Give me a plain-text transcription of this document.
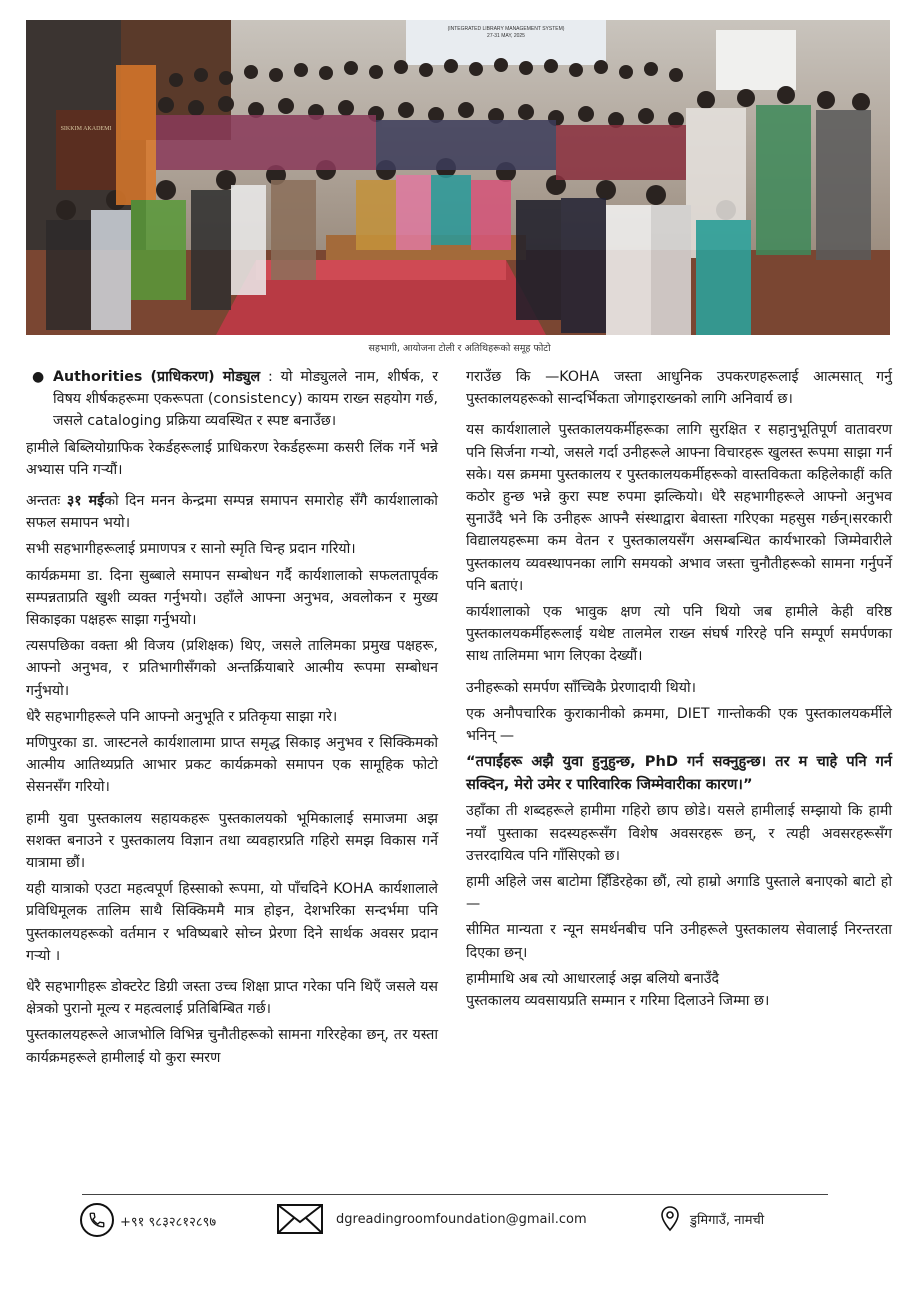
(INTEGRATED LIBRARY MANAGEMENT SYSTEM)
27-31 MAY, 2025
SIKKIM AKADEMI
सहभागी, आयोजना टोली र अतिथिहरूको समूह फोटो
● Authorities (प्राधिकरण) मोड्युल : यो मोड्युलले नाम, शीर्षक, र विषय शीर्षकहरूमा एकरूपता (consistency) कायम राख्न सहयोग गर्छ, जसले cataloging प्रक्रिया व्यवस्थित र स्पष्ट बनाउँछ।

हामीले बिब्लियोग्राफिक रेकर्डहरूलाई प्राधिकरण रेकर्डहरूमा कसरी लिंक गर्ने भन्ने अभ्यास पनि गर्‍यौं।

अन्ततः ३१ मईको दिन मनन केन्द्रमा सम्पन्न समापन समारोह सँगै कार्यशालाको सफल समापन भयो।

सभी सहभागीहरूलाई प्रमाणपत्र र सानो स्मृति चिन्ह प्रदान गरियो।

कार्यक्रममा डा. दिना सुब्बाले समापन सम्बोधन गर्दै कार्यशालाको सफलतापूर्वक सम्पन्नताप्रति खुशी व्यक्त गर्नुभयो। उहाँले आफ्ना अनुभव, अवलोकन र मुख्य सिकाइका पक्षहरू साझा गर्नुभयो।

त्यसपछिका वक्ता श्री विजय (प्रशिक्षक) थिए, जसले तालिमका प्रमुख पक्षहरू, आफ्नो अनुभव, र प्रतिभागीसँगको अन्तर्क्रियाबारे आत्मीय रूपमा सम्बोधन गर्नुभयो।

धेरै सहभागीहरूले पनि आफ्नो अनुभूति र प्रतिकृया साझा गरे।

मणिपुरका डा. जास्टनले कार्यशालामा प्राप्त समृद्ध सिकाइ अनुभव र सिक्किमको आत्मीय आतिथ्यप्रति आभार प्रकट कार्यक्रमको समापन एक सामूहिक फोटो सेसनसँग गरियो।

हामी युवा पुस्तकालय सहायकहरू पुस्तकालयको भूमिकालाई समाजमा अझ सशक्त बनाउने र पुस्तकालय विज्ञान तथा व्यवहारप्रति गहिरो समझ विकास गर्ने यात्रामा छौं।

यही यात्राको एउटा महत्वपूर्ण हिस्साको रूपमा, यो पाँचदिने KOHA कार्यशालाले प्रविधिमूलक तालिम साथै सिक्किममै मात्र होइन, देशभरिका सन्दर्भमा पनि पुस्तकालयहरूको वर्तमान र भविष्यबारे सोच्न प्रेरणा दिने सार्थक अवसर प्रदान गर्‍यो ।

धेरै सहभागीहरू डोक्टरेट डिग्री जस्ता उच्च शिक्षा प्राप्त गरेका पनि थिएँ जसले यस क्षेत्रको पुरानो मूल्य र महत्वलाई प्रतिबिम्बित गर्छ।

पुस्तकालयहरूले आजभोलि विभिन्न चुनौतीहरूको सामना गरिरहेका छन्, तर यस्ता कार्यक्रमहरूले हामीलाई यो कुरा स्मरण

गराउँछ कि —KOHA जस्ता आधुनिक उपकरणहरूलाई आत्मसात् गर्नु पुस्तकालयहरूको सान्दर्भिकता जोगाइराख्नको लागि अनिवार्य छ।

यस कार्यशालाले पुस्तकालयकर्मीहरूका लागि सुरक्षित र सहानुभूतिपूर्ण वातावरण पनि सिर्जना गर्‍यो, जसले गर्दा उनीहरूले आफ्ना विचारहरू खुलस्त रूपमा साझा गर्न सके। यस क्रममा पुस्तकालय र पुस्तकालयकर्मीहरूको वास्तविकता कहिलेकाहीं कति कठोर हुन्छ भन्ने कुरा स्पष्ट रुपमा झल्कियो। धेरै सहभागीहरूले आफ्नो अनुभव सुनाउँदै भने कि उनीहरू आफ्नै संस्थाद्वारा बेवास्ता गरिएका महसुस गर्छन्।सरकारी विद्यालयहरूमा कम वेतन र पुस्तकालयसँग असम्बन्धित कार्यभारको जिम्मेवारीले पुस्तकालय व्यवस्थापनका लागि समयको अभाव जस्ता चुनौतीहरूको सामना गर्नुपर्ने पनि बताएं।

कार्यशालाको एक भावुक क्षण त्यो पनि थियो जब हामीले केही वरिष्ठ पुस्तकालयकर्मीहरूलाई यथेष्ट तालमेल राख्न संघर्ष गरिरहे पनि सम्पूर्ण समर्पणका साथ तालिममा भाग लिएका देख्यौं।

उनीहरूको समर्पण साँच्चिकै प्रेरणादायी थियो।

एक अनौपचारिक कुराकानीको क्रममा, DIET गान्तोककी एक पुस्तकालयकर्मीले भनिन् —

“तपाईंहरू अझै युवा हुनुहुन्छ, PhD गर्न सक्नुहुन्छ। तर म चाहे पनि गर्न सक्दिन, मेरो उमेर र पारिवारिक जिम्मेवारीका कारण।”

उहाँका ती शब्दहरूले हामीमा गहिरो छाप छोडे। यसले हामीलाई सम्झायो कि हामी नयाँ पुस्ताका सदस्यहरूसँग विशेष अवसरहरू छन्, र त्यही अवसरहरूसँग उत्तरदायित्व पनि गाँसिएको छ।

हामी अहिले जस बाटोमा हिँडिरहेका छौं, त्यो हाम्रो अगाडि पुस्ताले बनाएको बाटो हो —

सीमित मान्यता र न्यून समर्थनबीच पनि उनीहरूले पुस्तकालय सेवालाई निरन्तरता दिएका छन्।

हामीमाथि अब त्यो आधारलाई अझ बलियो बनाउँदै

पुस्तकालय व्यवसायप्रति सम्मान र गरिमा दिलाउने जिम्मा छ।

+९१ ९८३२८१२८९७	dgreadingroomfoundation@gmail.com	डुमिगाउँ, नामची
